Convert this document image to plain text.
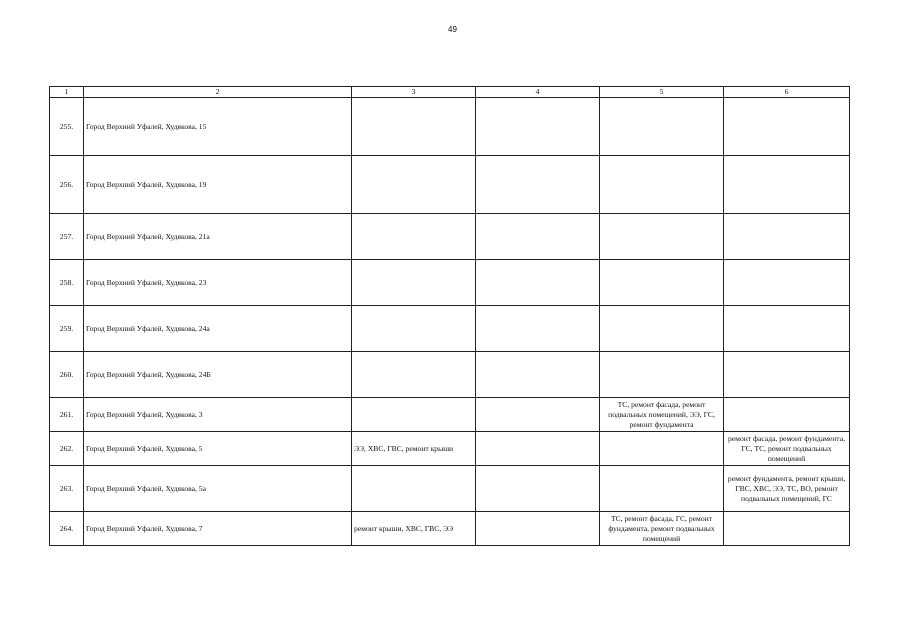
49
1	2	3	4	5	6
255.	Город Верхний Уфалей, Худякова, 15				
256.	Город Верхний Уфалей, Худякова, 19				
257.	Город Верхний Уфалей, Худякова, 21а				
258.	Город Верхний Уфалей, Худякова, 23				
259.	Город Верхний Уфалей, Худякова, 24а				
260.	Город Верхний Уфалей, Худякова, 24Б				
261.	Город Верхний Уфалей, Худякова, 3			ТС, ремонт фасада, ремонт подвальных помещений, ЭЭ, ГС, ремонт фундамента	
262.	Город Верхний Уфалей, Худякова, 5	ЭЭ, ХВС, ГВС, ремонт крыши			ремонт фасада, ремонт фундамента, ГС, ТС, ремонт подвальных помещений
263.	Город Верхний Уфалей, Худякова, 5а				ремонт фундамента, ремонт крыши, ГВС, ХВС, ЭЭ, ТС, ВО, ремонт подвальных помещений, ГС
264.	Город Верхний Уфалей, Худякова, 7	ремонт крыши, ХВС, ГВС, ЭЭ		ТС, ремонт фасада, ГС, ремонт фундамента, ремонт подвальных помещений	
